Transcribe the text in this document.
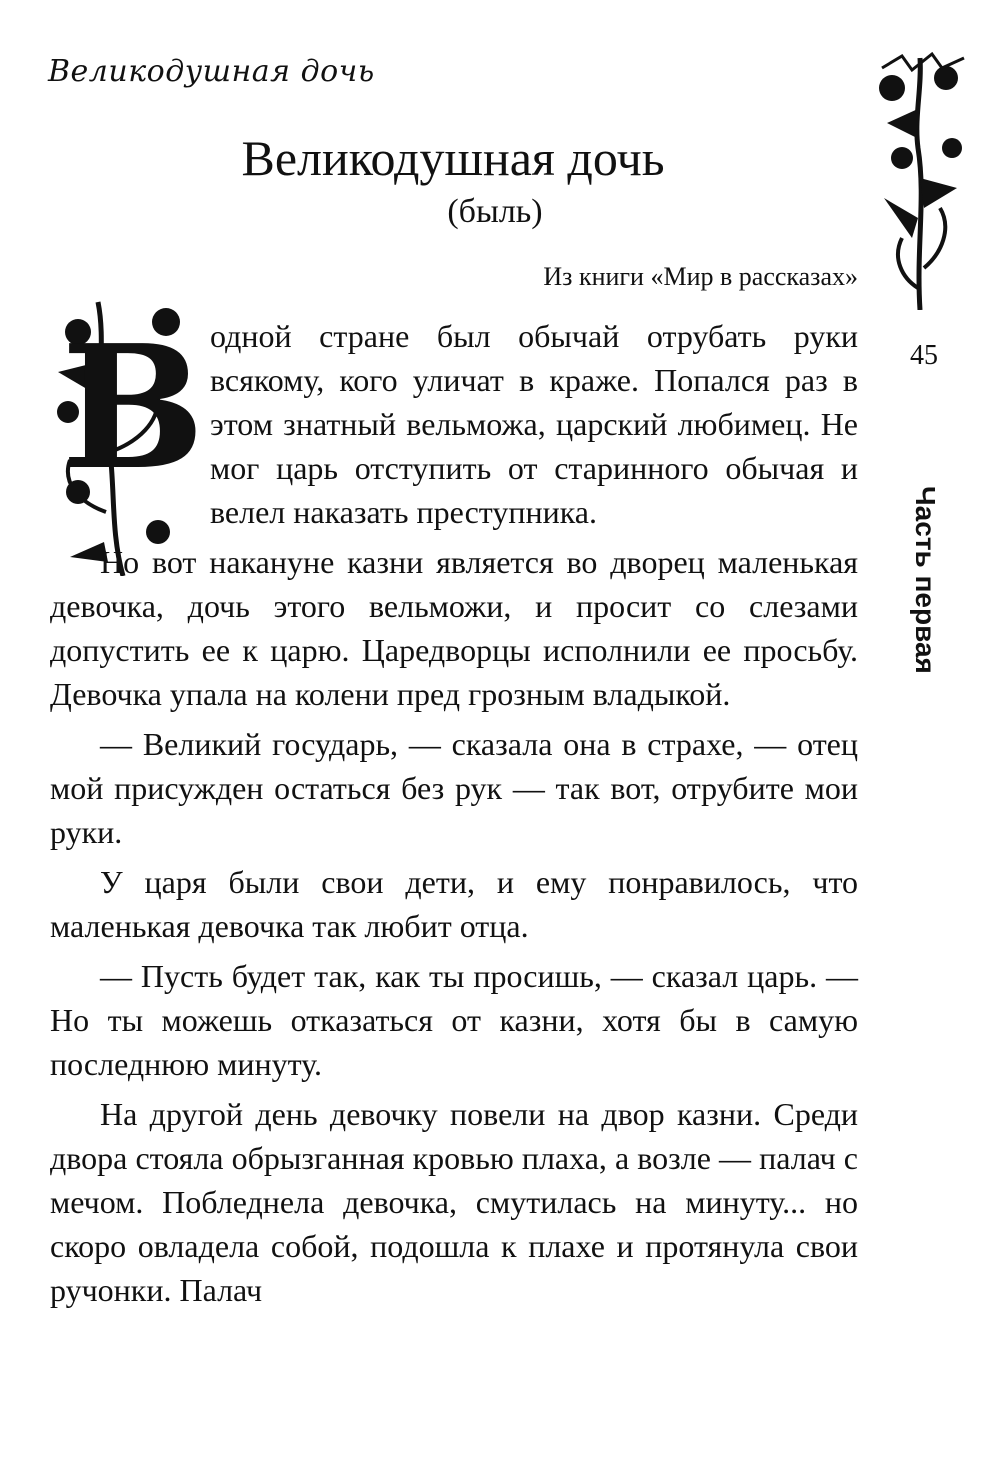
Великодушная дочь
45
Часть первая
Великодушная дочь
(быль)
Из книги «Мир в рассказах»
В одной стране был обычай отрубать руки всякому, кого уличат в краже. Попался раз в этом знатный вельможа, царский любимец. Не мог царь отступить от старинного обычая и велел наказать преступника.

Но вот накануне казни является во дворец маленькая девочка, дочь этого вельможи, и просит со слезами допустить ее к царю. Царедворцы исполнили ее просьбу. Девочка упала на колени пред грозным владыкой.

— Великий государь, — сказала она в страхе, — отец мой присужден остаться без рук — так вот, отрубите мои руки.

У царя были свои дети, и ему понравилось, что маленькая девочка так любит отца.

— Пусть будет так, как ты просишь, — сказал царь. — Но ты можешь отказаться от казни, хотя бы в самую последнюю минуту.

На другой день девочку повели на двор казни. Среди двора стояла обрызганная кровью плаха, а возле — палач с мечом. Побледнела девочка, смутилась на минуту... но скоро овладела собой, подошла к плахе и протянула свои ручонки. Палач
